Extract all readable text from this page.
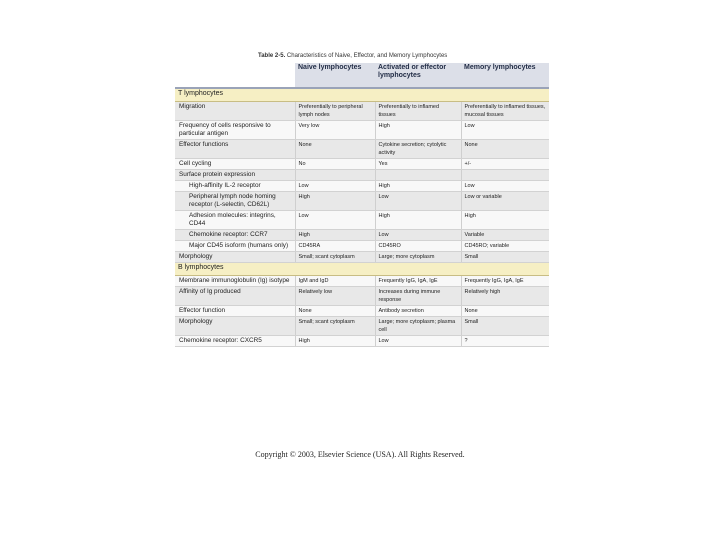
Table 2-5. Characteristics of Naive, Effector, and Memory Lymphocytes
	Naive lymphocytes	Activated or effector lymphocytes	Memory lymphocytes
T lymphocytes			
Migration	Preferentially to peripheral lymph nodes	Preferentially to inflamed tissues	Preferentially to inflamed tissues, mucosal tissues
Frequency of cells responsive to particular antigen	Very low	High	Low
Effector functions	None	Cytokine secretion; cytolytic activity	None
Cell cycling	No	Yes	+/-
Surface protein expression			
High-affinity IL-2 receptor	Low	High	Low
Peripheral lymph node homing receptor (L-selectin, CD62L)	High	Low	Low or variable
Adhesion molecules: integrins, CD44	Low	High	High
Chemokine receptor: CCR7	High	Low	Variable
Major CD45 isoform (humans only)	CD45RA	CD45RO	CD45RO; variable
Morphology	Small; scant cytoplasm	Large; more cytoplasm	Small
B lymphocytes			
Membrane immunoglobulin (Ig) isotype	IgM and IgD	Frequently IgG, IgA, IgE	Frequently IgG, IgA, IgE
Affinity of Ig produced	Relatively low	Increases during immune response	Relatively high
Effector function	None	Antibody secretion	None
Morphology	Small; scant cytoplasm	Large; more cytoplasm; plasma cell	Small
Chemokine receptor: CXCR5	High	Low	?
Copyright © 2003, Elsevier Science (USA). All Rights Reserved.
